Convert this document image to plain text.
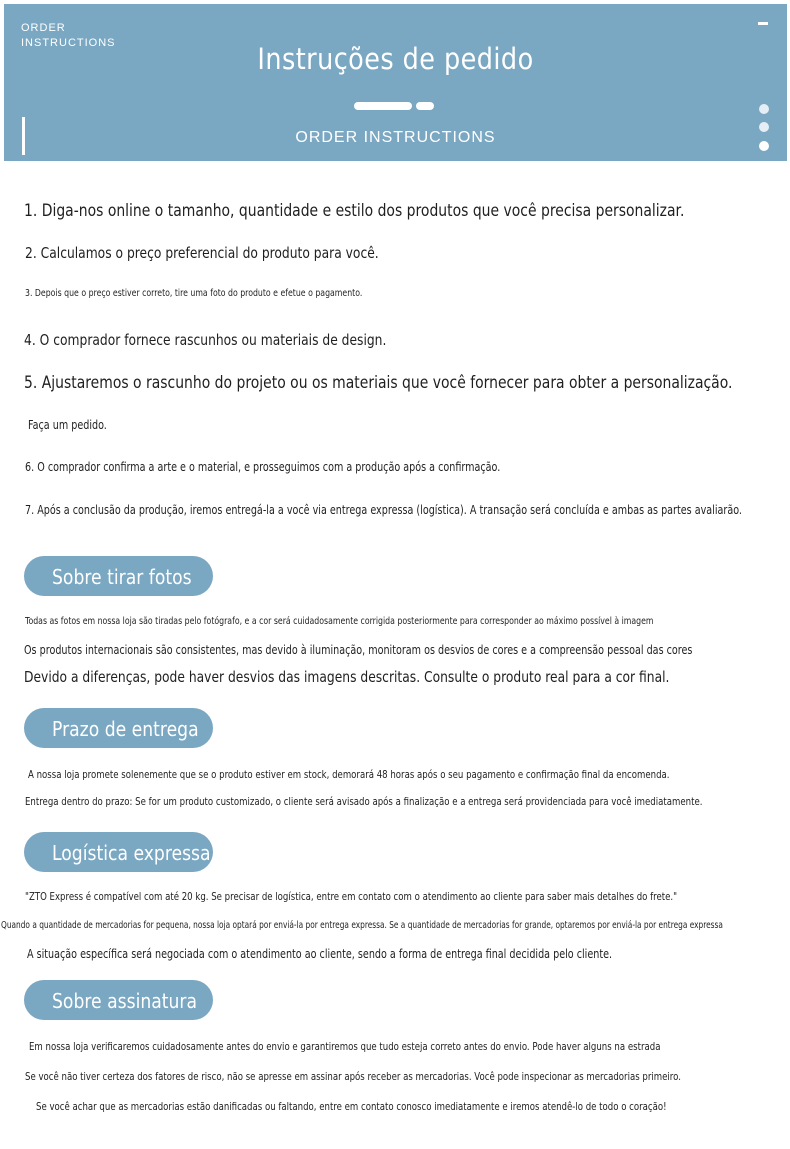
ORDER
INSTRUCTIONS	Instruções de pedido
ORDER INSTRUCTIONS
1. Diga-nos online o tamanho, quantidade e estilo dos produtos que você precisa personalizar.
2. Calculamos o preço preferencial do produto para você.
3. Depois que o preço estiver correto, tire uma foto do produto e efetue o pagamento.
4. O comprador fornece rascunhos ou materiais de design.
5. Ajustaremos o rascunho do projeto ou os materiais que você fornecer para obter a personalização.
Faça um pedido.
6. O comprador confirma a arte e o material, e prosseguimos com a produção após a confirmação.
7. Após a conclusão da produção, iremos entregá-la a você via entrega expressa (logística). A transação será concluída e ambas as partes avaliarão.
Sobre tirar fotos
Todas as fotos em nossa loja são tiradas pelo fotógrafo, e a cor será cuidadosamente corrigida posteriormente para corresponder ao máximo possível à imagem
Os produtos internacionais são consistentes, mas devido à iluminação, monitoram os desvios de cores e a compreensão pessoal das cores
Devido a diferenças, pode haver desvios das imagens descritas. Consulte o produto real para a cor final.
Prazo de entrega
A nossa loja promete solenemente que se o produto estiver em stock, demorará 48 horas após o seu pagamento e confirmação final da encomenda.
Entrega dentro do prazo: Se for um produto customizado, o cliente será avisado após a finalização e a entrega será providenciada para você imediatamente.
Logística expressa
"ZTO Express é compatível com até 20 kg. Se precisar de logística, entre em contato com o atendimento ao cliente para saber mais detalhes do frete."
Quando a quantidade de mercadorias for pequena, nossa loja optará por enviá-la por entrega expressa. Se a quantidade de mercadorias for grande, optaremos por enviá-la por entrega expressa
A situação específica será negociada com o atendimento ao cliente, sendo a forma de entrega final decidida pelo cliente.
Sobre assinatura
Em nossa loja verificaremos cuidadosamente antes do envio e garantiremos que tudo esteja correto antes do envio. Pode haver alguns na estrada
Se você não tiver certeza dos fatores de risco, não se apresse em assinar após receber as mercadorias. Você pode inspecionar as mercadorias primeiro.
Se você achar que as mercadorias estão danificadas ou faltando, entre em contato conosco imediatamente e iremos atendê-lo de todo o coração!
